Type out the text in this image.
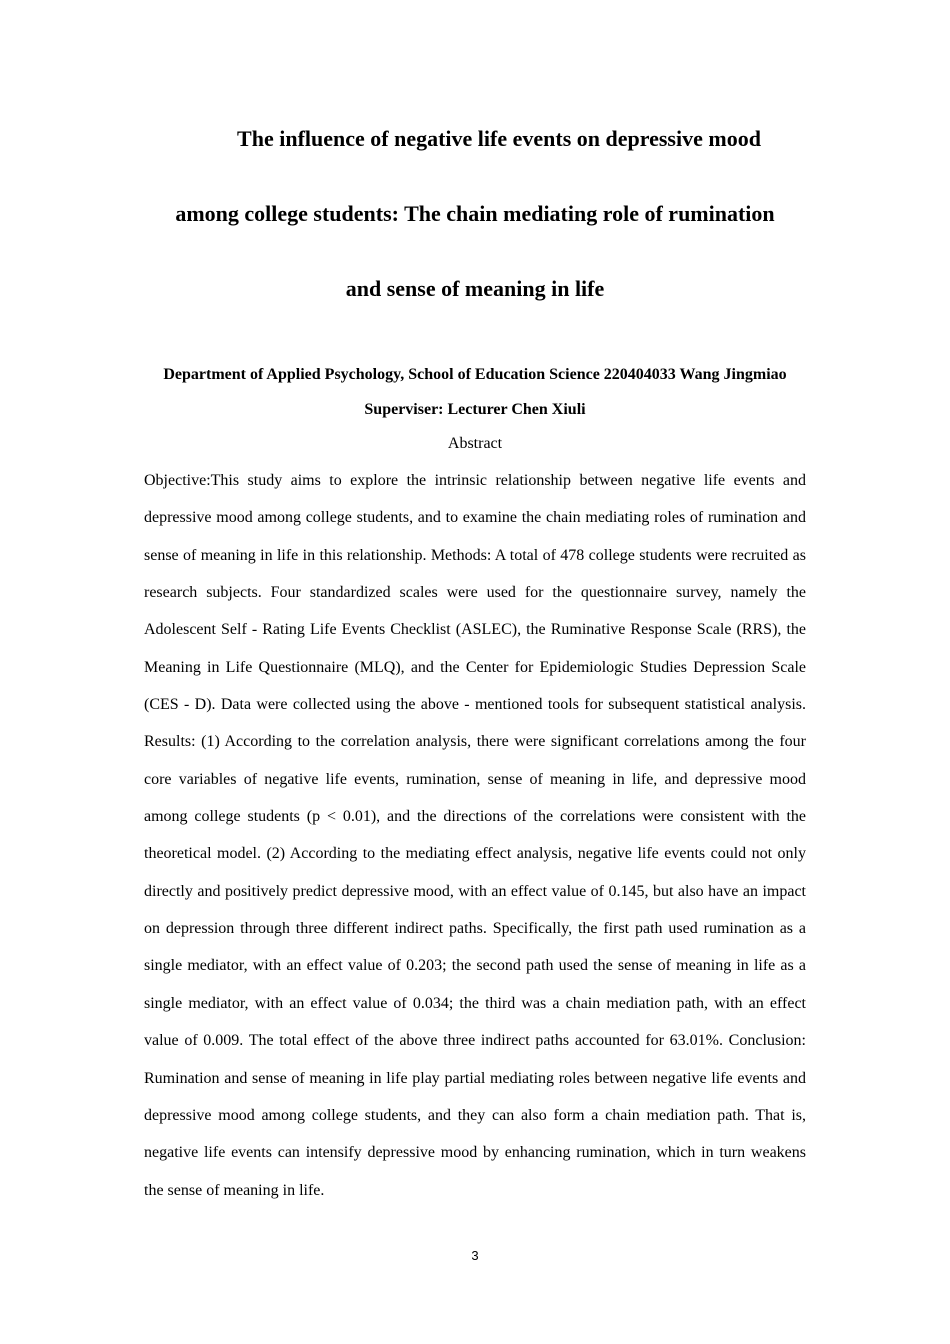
The influence of negative life events on depressive mood
among college students: The chain mediating role of rumination
and sense of meaning in life
Department of Applied Psychology, School of Education Science 220404033 Wang Jingmiao
Superviser: Lecturer Chen Xiuli
Abstract

Objective:This study aims to explore the intrinsic relationship between negative life events and depressive mood among college students, and to examine the chain mediating roles of rumination and sense of meaning in life in this relationship. Methods: A total of 478 college students were recruited as research subjects. Four standardized scales were used for the questionnaire survey, namely the Adolescent Self - Rating Life Events Checklist (ASLEC), the Ruminative Response Scale (RRS), the Meaning in Life Questionnaire (MLQ), and the Center for Epidemiologic Studies Depression Scale (CES - D). Data were collected using the above - mentioned tools for subsequent statistical analysis. Results: (1) According to the correlation analysis, there were significant correlations among the four core variables of negative life events, rumination, sense of meaning in life, and depressive mood among college students (p < 0.01), and the directions of the correlations were consistent with the theoretical model. (2) According to the mediating effect analysis, negative life events could not only directly and positively predict depressive mood, with an effect value of 0.145, but also have an impact on depression through three different indirect paths. Specifically, the first path used rumination as a single mediator, with an effect value of 0.203; the second path used the sense of meaning in life as a single mediator, with an effect value of 0.034; the third was a chain mediation path, with an effect value of 0.009. The total effect of the above three indirect paths accounted for 63.01%. Conclusion: Rumination and sense of meaning in life play partial mediating roles between negative life events and depressive mood among college students, and they can also form a chain mediation path. That is, negative life events can intensify depressive mood by enhancing rumination, which in turn weakens the sense of meaning in life.

3
